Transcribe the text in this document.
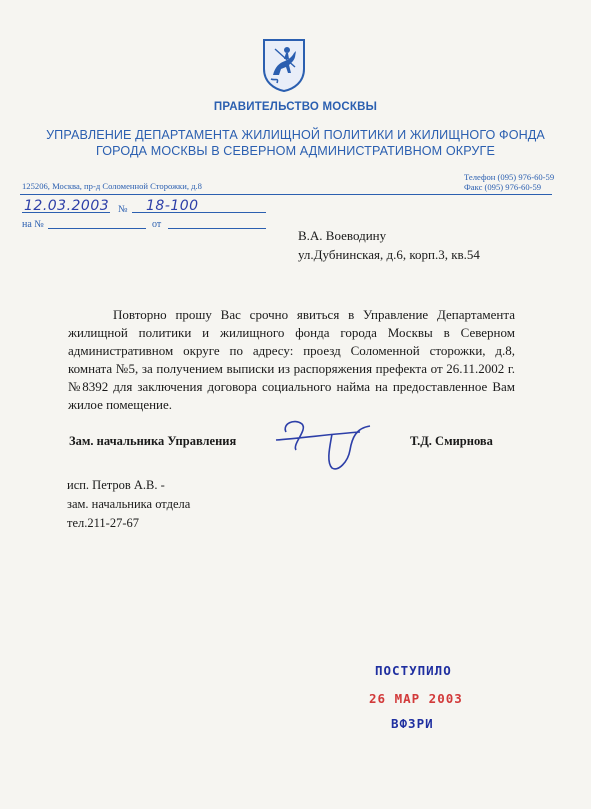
ПРАВИТЕЛЬСТВО МОСКВЫ
УПРАВЛЕНИЕ ДЕПАРТАМЕНТА ЖИЛИЩНОЙ ПОЛИТИКИ И ЖИЛИЩНОГО ФОНДА
ГОРОДА МОСКВЫ В СЕВЕРНОМ АДМИНИСТРАТИВНОМ ОКРУГЕ
125206, Москва, пр-д Соломенной Сторожки, д.8
Телефон (095) 976-60-59
Факс (095) 976-60-59
12.03.2003 № 18-100
на №	от
В.А. Воеводину
ул.Дубнинская, д.6, корп.3, кв.54

Повторно прошу Вас срочно явиться в Управление Департамента жилищной политики и жилищного фонда города Москвы в Северном административном округе по адресу: проезд Соломенной сторожки, д.8, комната №5, за получением выписки из распоряжения префекта от 26.11.2002 г. №8392 для заключения договора социального найма на предоставленное Вам жилое помещение.

Зам. начальника Управления	Т.Д. Смирнова
исп. Петров А.В. -
зам. начальника отдела
тел.211-27-67
ПОСТУПИЛО
26 МАР 2003
ВФЗРИ
